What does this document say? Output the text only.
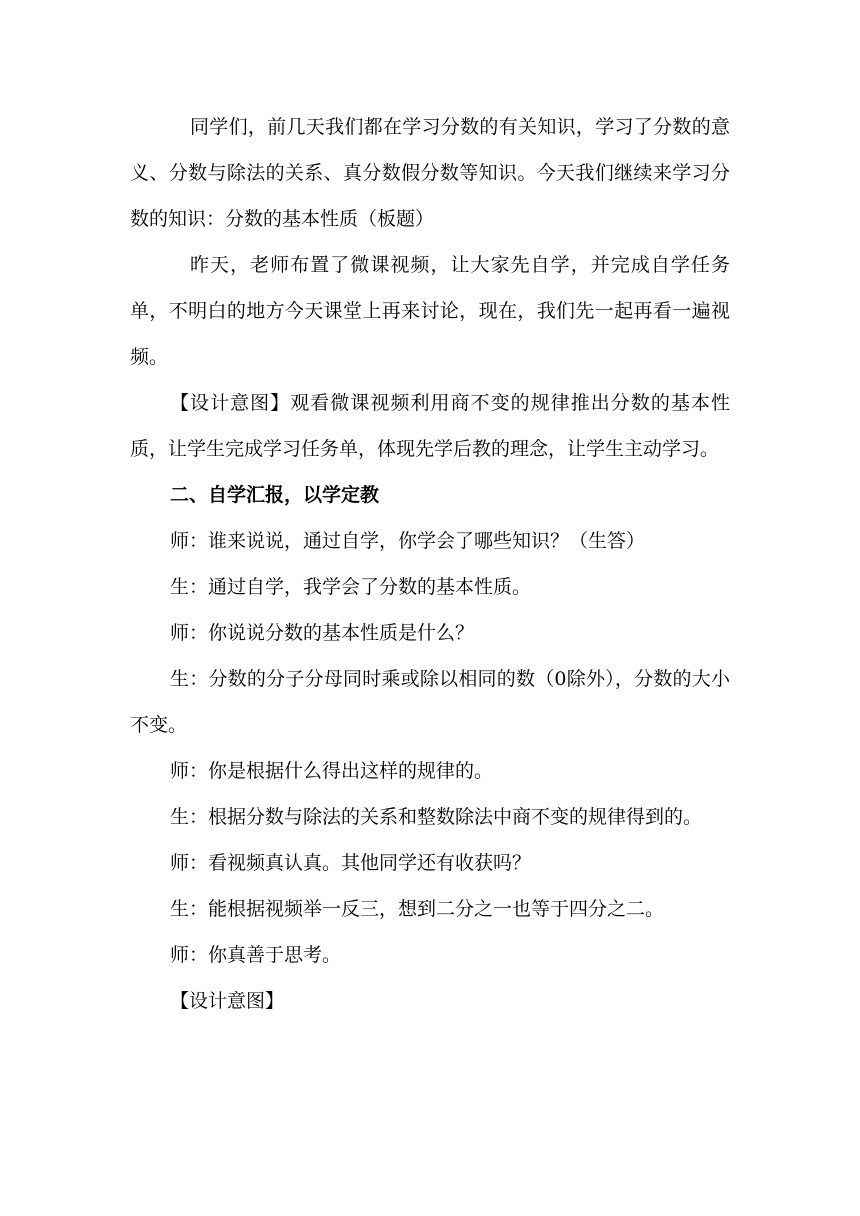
同学们，前几天我们都在学习分数的有关知识，学习了分数的意义、分数与除法的关系、真分数假分数等知识。今天我们继续来学习分数的知识：分数的基本性质（板题）

昨天，老师布置了微课视频，让大家先自学，并完成自学任务单，不明白的地方今天课堂上再来讨论，现在，我们先一起再看一遍视频。

【设计意图】观看微课视频利用商不变的规律推出分数的基本性质，让学生完成学习任务单，体现先学后教的理念，让学生主动学习。

二、自学汇报，以学定教

师：谁来说说，通过自学，你学会了哪些知识？（生答）

生：通过自学，我学会了分数的基本性质。

师：你说说分数的基本性质是什么？

生：分数的分子分母同时乘或除以相同的数（0除外），分数的大小不变。

师：你是根据什么得出这样的规律的。

生：根据分数与除法的关系和整数除法中商不变的规律得到的。

师：看视频真认真。其他同学还有收获吗？

生：能根据视频举一反三，想到二分之一也等于四分之二。

师：你真善于思考。

【设计意图】
